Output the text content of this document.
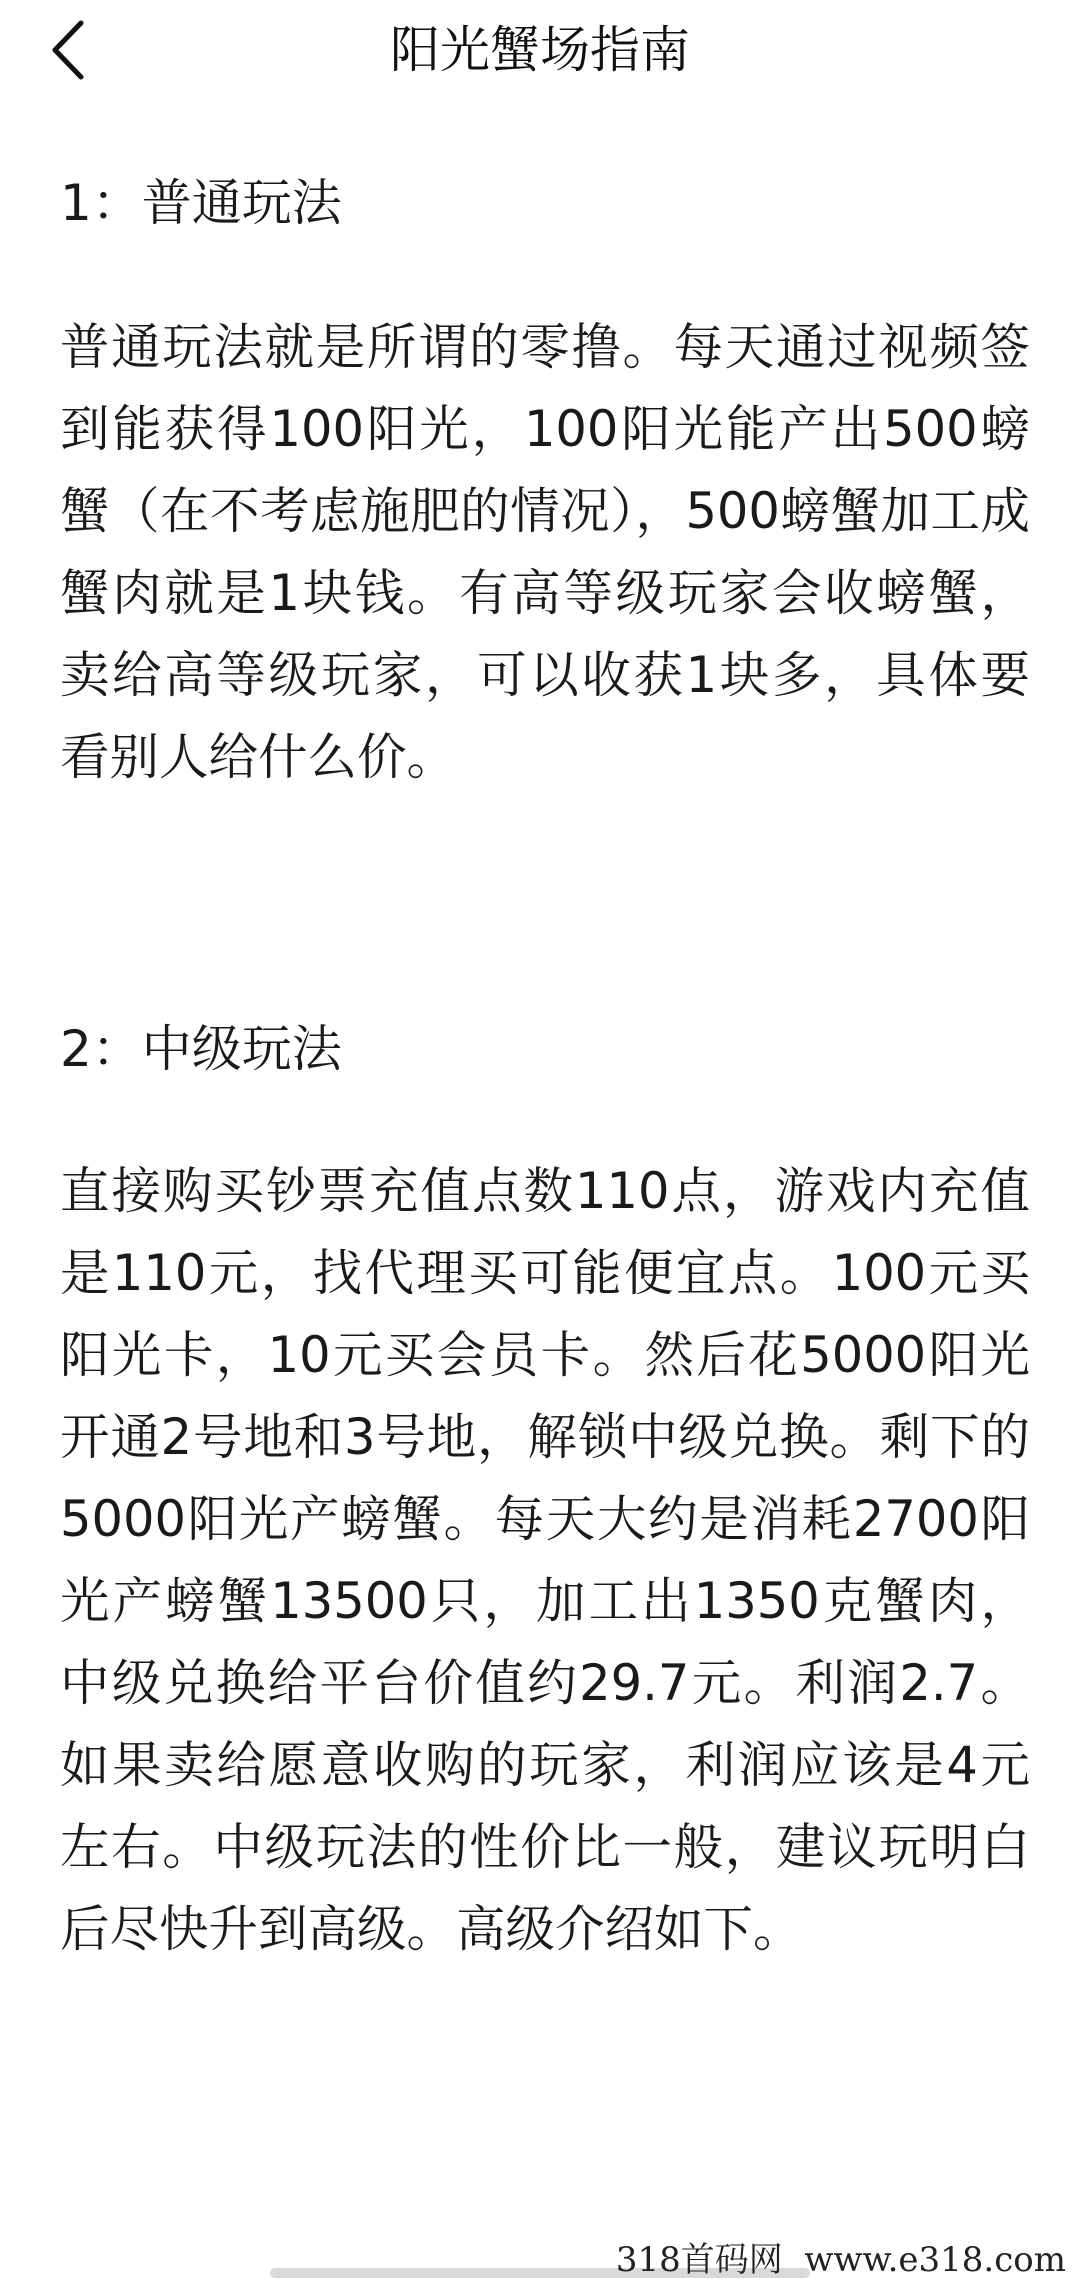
阳光蟹场指南
1：普通玩法

普通玩法就是所谓的零撸。每天通过视频签到能获得100阳光，100阳光能产出500螃蟹（在不考虑施肥的情况），500螃蟹加工成蟹肉就是1块钱。有高等级玩家会收螃蟹，卖给高等级玩家，可以收获1块多，具体要看别人给什么价。

2：中级玩法

直接购买钞票充值点数110点，游戏内充值是110元，找代理买可能便宜点。100元买阳光卡，10元买会员卡。然后花5000阳光开通2号地和3号地，解锁中级兑换。剩下的5000阳光产螃蟹。每天大约是消耗2700阳光产螃蟹13500只，加工出1350克蟹肉，中级兑换给平台价值约29.7元。利润2.7。如果卖给愿意收购的玩家，利润应该是4元左右。中级玩法的性价比一般，建议玩明白后尽快升到高级。高级介绍如下。

318首码网  www.e318.com
